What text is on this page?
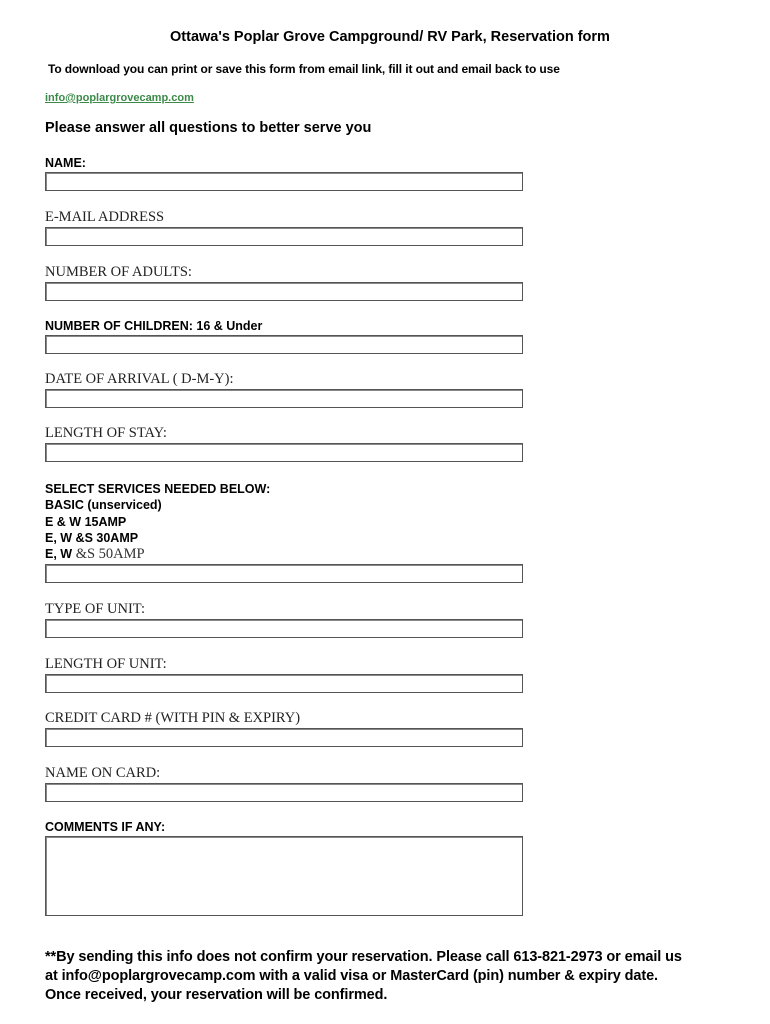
Ottawa's Poplar Grove Campground/ RV Park, Reservation form
To download you can print or save this form from email link, fill it out and email back to use
info@poplargrovecamp.com
Please answer all questions to better serve you
NAME:
E-MAIL ADDRESS
NUMBER OF ADULTS:
NUMBER OF CHILDREN: 16 & Under
DATE OF ARRIVAL ( D-M-Y):
LENGTH OF STAY:
SELECT SERVICES NEEDED BELOW:
BASIC (unserviced)
E & W 15AMP
E, W &S 30AMP
E, W &S 50AMP
TYPE OF UNIT:
LENGTH OF UNIT:
CREDIT CARD # (WITH PIN & EXPIRY)
NAME ON CARD:
COMMENTS IF ANY:
**By sending this info does not confirm your reservation. Please call 613-821-2973 or email us
at info@poplargrovecamp.com with a valid visa or MasterCard (pin) number & expiry date.
Once received, your reservation will be confirmed.
